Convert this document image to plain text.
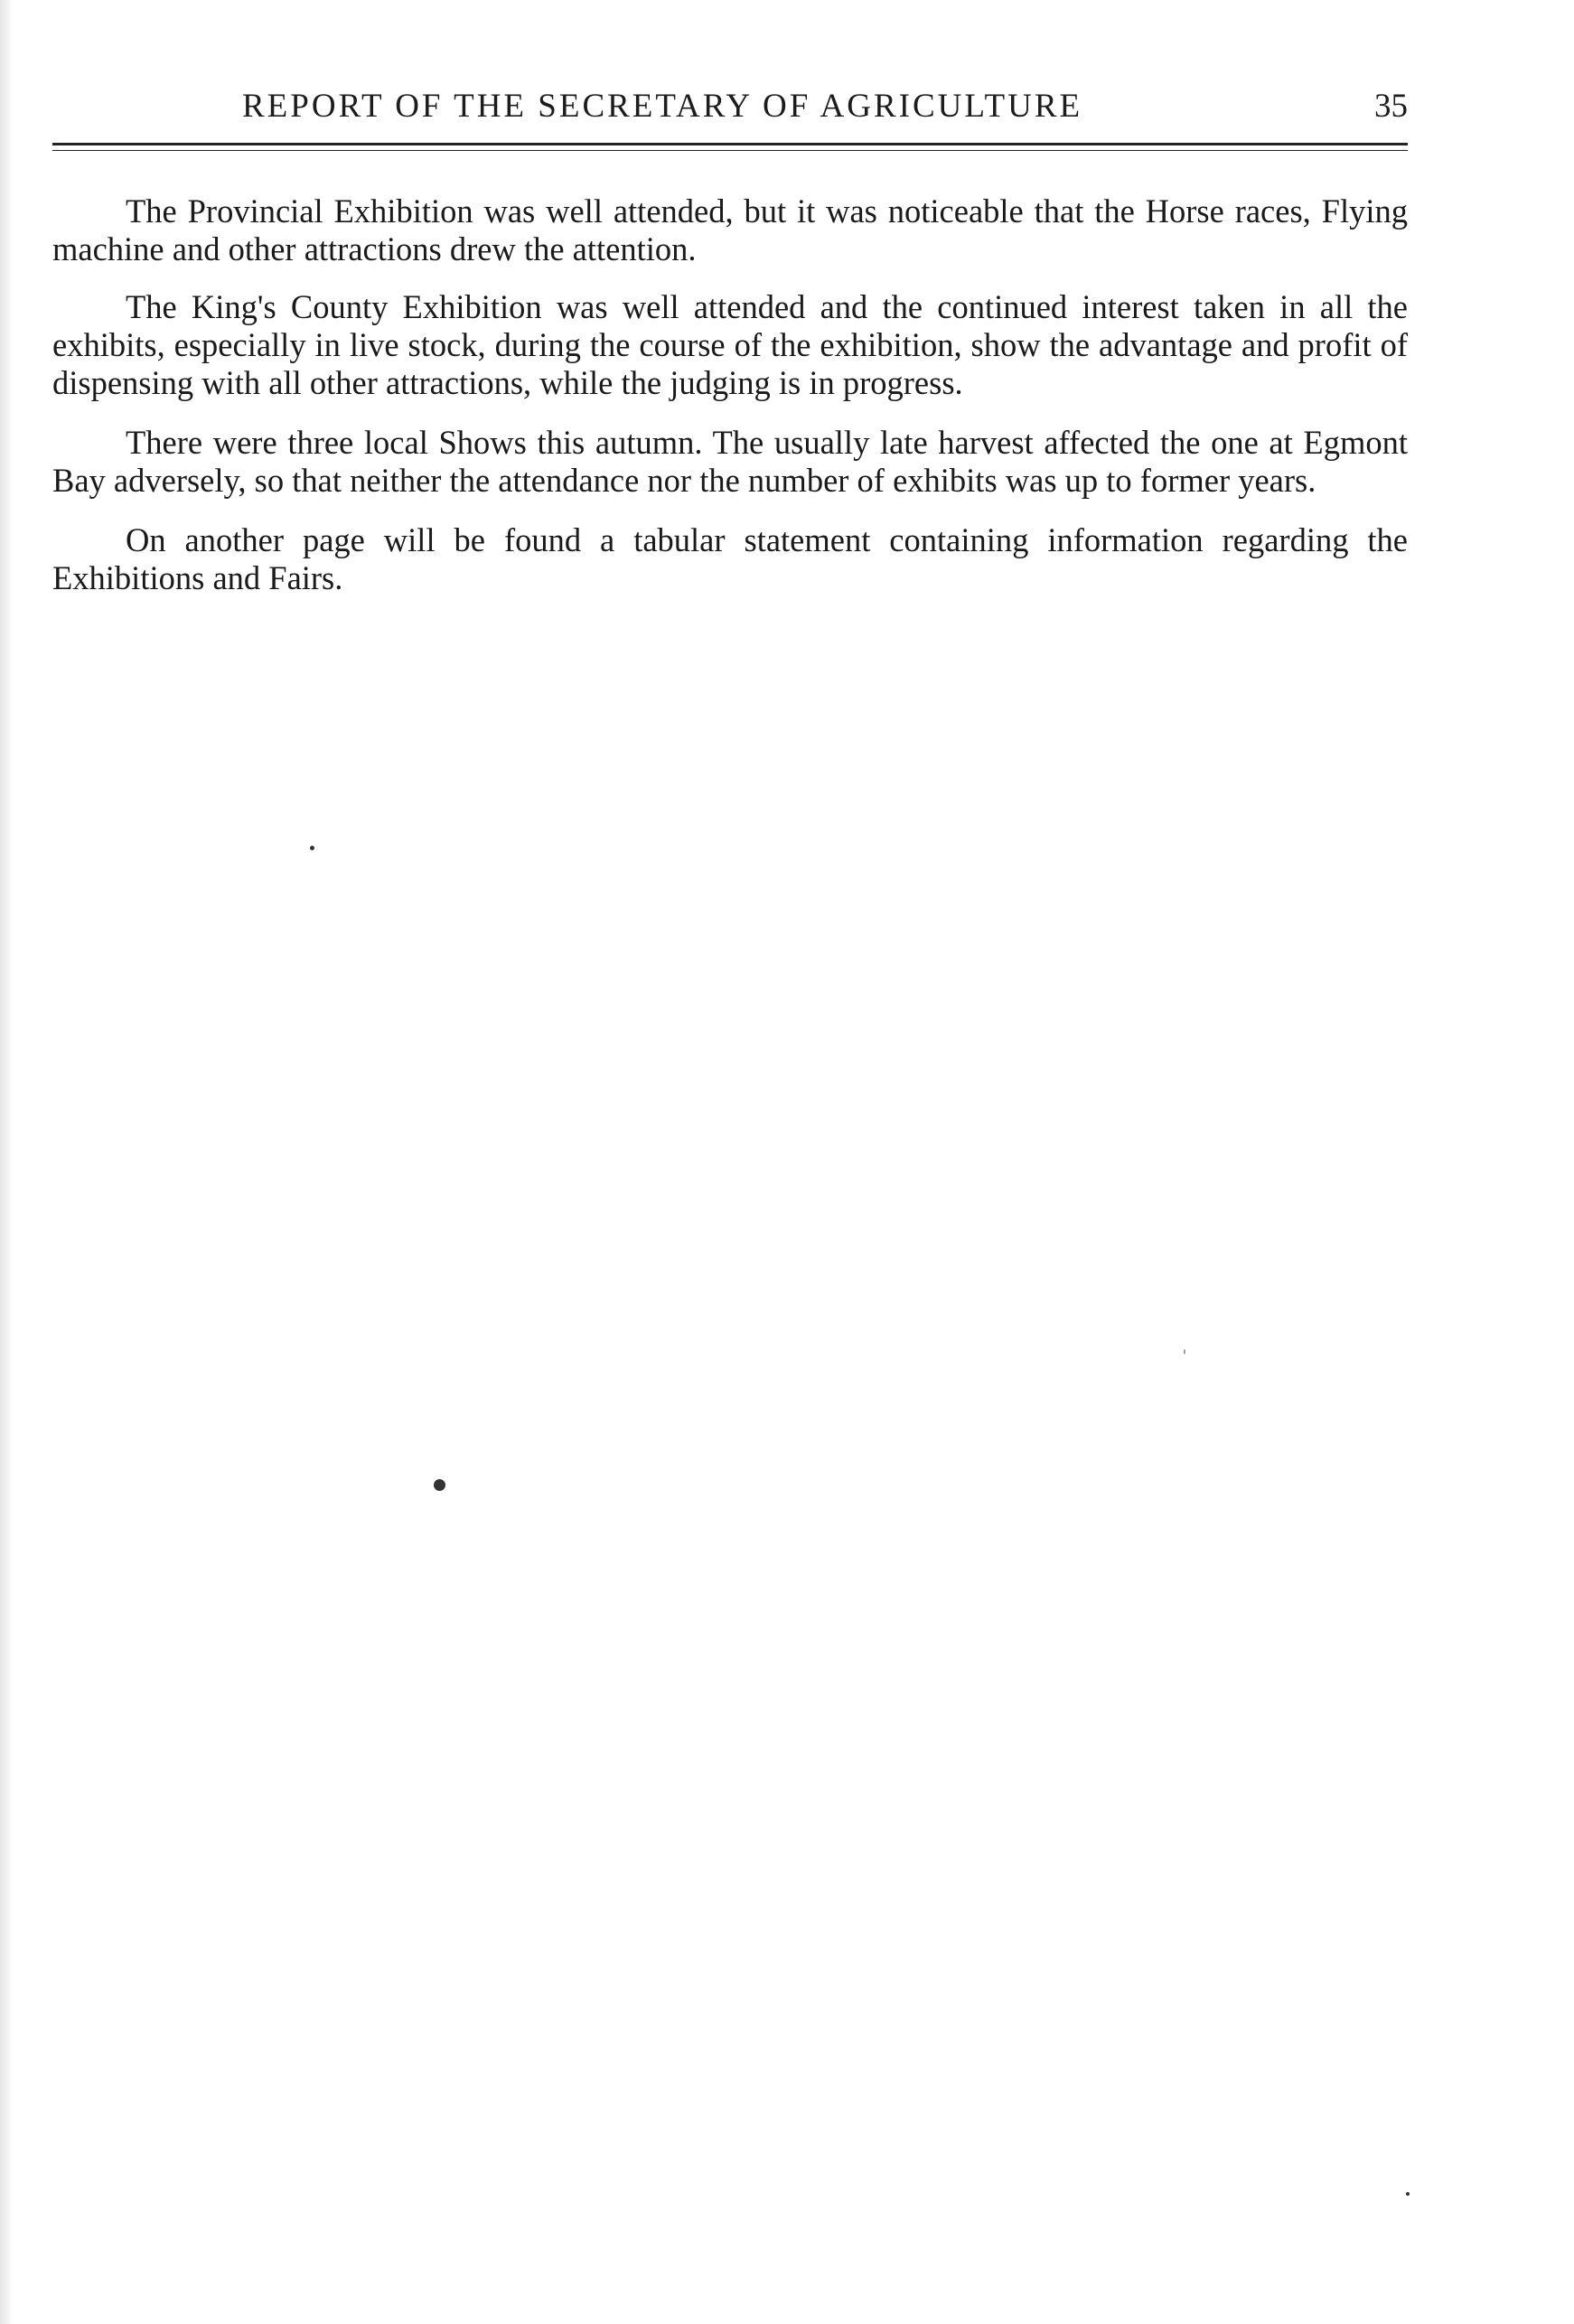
REPORT OF THE SECRETARY OF AGRICULTURE	35

The Provincial Exhibition was well attended, but it was noticeable that the Horse races, Flying machine and other attractions drew the attention.

The King's County Exhibition was well attended and the continued interest taken in all the exhibits, especially in live stock, during the course of the exhibition, show the advantage and profit of dispensing with all other attractions, while the judging is in progress.

There were three local Shows this autumn. The usually late harvest affected the one at Egmont Bay adversely, so that neither the attendance nor the number of exhibits was up to former years.

On another page will be found a tabular statement containing information regarding the Exhibitions and Fairs.
